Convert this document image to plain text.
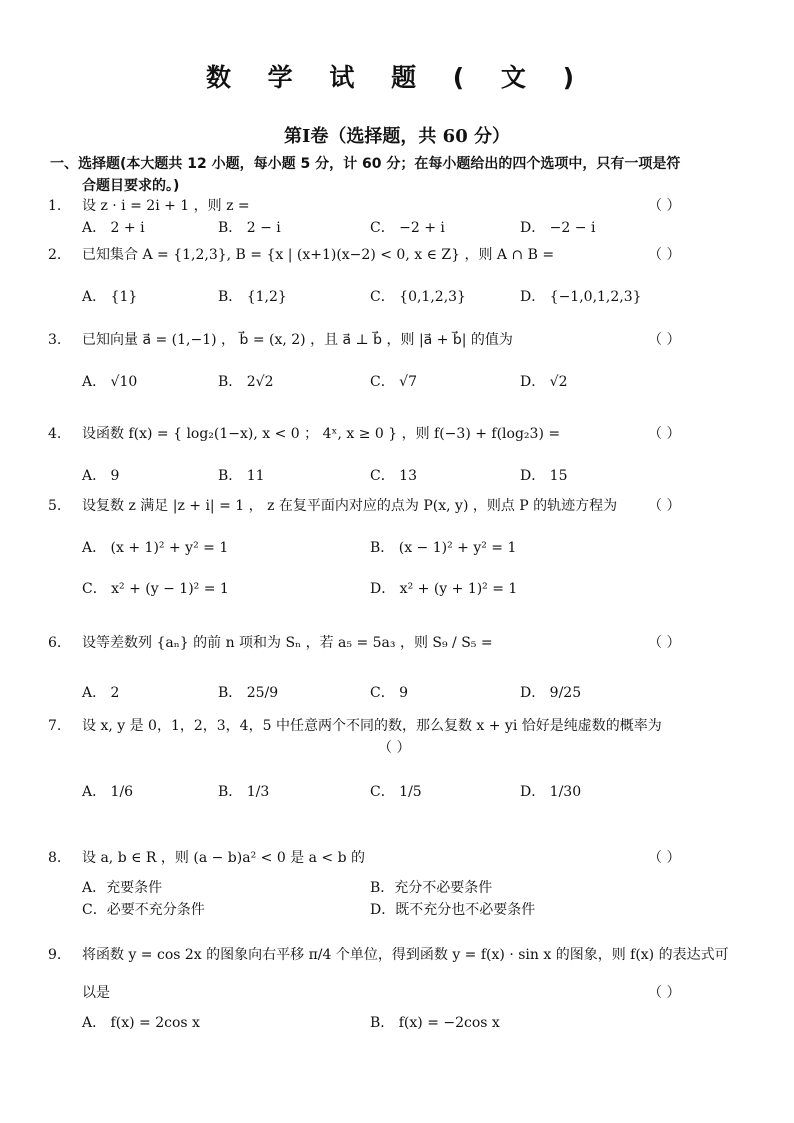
数 学 试 题 ( 文 )
第Ⅰ卷（选择题，共 60 分）
一、选择题(本大题共 12 小题，每小题 5 分，计 60 分；在每小题给出的四个选项中，只有一项是符
合题目要求的。)
1.	设 z · i = 2i + 1 ，则 z =	（ ）
A． 2 + i	B． 2 − i	C． −2 + i	D． −2 − i
2.	已知集合 A = {1,2,3}, B = {x | (x+1)(x−2) < 0, x ∈ Z} ，则 A ∩ B =	（ ）
A． {1}	B． {1,2}	C． {0,1,2,3}	D． {−1,0,1,2,3}
3.	已知向量 a⃗ = (1,−1) ， b⃗ = (x, 2) ，且 a⃗ ⊥ b⃗ ，则 |a⃗ + b⃗| 的值为	（ ）
A． √10	B． 2√2	C． √7	D． √2
4.	设函数 f(x) = { log₂(1−x), x < 0 ； 4ˣ, x ≥ 0 } ，则 f(−3) + f(log₂3) =	（ ）
A． 9	B． 11	C． 13	D． 15
5.	设复数 z 满足 |z + i| = 1 ， z 在复平面内对应的点为 P(x, y) ，则点 P 的轨迹方程为 （ ）
A． (x + 1)² + y² = 1	B． (x − 1)² + y² = 1
C． x² + (y − 1)² = 1	D． x² + (y + 1)² = 1
6.	设等差数列 {aₙ} 的前 n 项和为 Sₙ ，若 a₅ = 5a₃ ，则 S₉ / S₅ =	（ ）
A． 2	B． 25/9	C． 9	D． 9/25
7.	设 x, y 是 0，1，2，3，4，5 中任意两个不同的数，那么复数 x + yi 恰好是纯虚数的概率为
（ ）
A． 1/6	B． 1/3	C． 1/5	D． 1/30
8.	设 a, b ∈ R ，则 (a − b)a² < 0 是 a < b 的	（ ）
A．充要条件	B．充分不必要条件
C．必要不充分条件	D．既不充分也不必要条件
9.	将函数 y = cos 2x 的图象向右平移 π/4 个单位，得到函数 y = f(x) · sin x 的图象，则 f(x) 的表达式可
以是	（ ）
A． f(x) = 2cos x	B． f(x) = −2cos x
